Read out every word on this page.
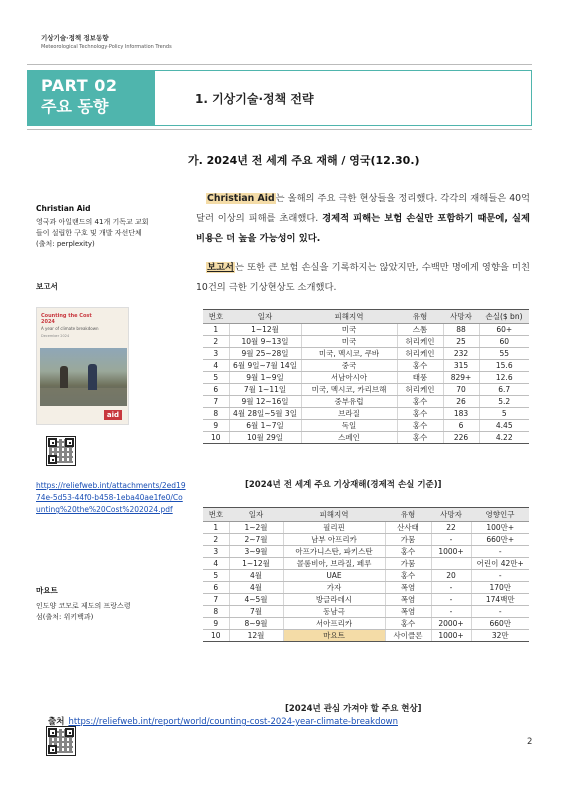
기상기술·정책 정보동향
Meteorological Technology·Policy Information Trends
PART 02
주요 동향	1. 기상기술·정책 전략
가. 2024년 전 세계 주요 재해 / 영국(12.30.)
Christian Aid
영국과 아일랜드의 41개 기독교 교회들이 설립한 구호 및 개발 자선단체(출처: perplexity)
보고서
Counting the Cost
2024
A year of climate breakdown
December 2024
aid
https://reliefweb.int/attachments/2ed1974e-5d53-44f0-b458-1eba40ae1fe0/Counting%20the%20Cost%202024.pdf
마요트
인도양 코모로 제도의 프랑스령 섬(출처: 위키백과)
Christian Aid는 올해의 주요 극한 현상들을 정리했다. 각각의 재해들은 40억 달러 이상의 피해를 초래했다. 경제적 피해는 보험 손실만 포함하기 때문에, 실제 비용은 더 높을 가능성이 있다.
보고서는 또한 큰 보험 손실을 기록하지는 않았지만, 수백만 명에게 영향을 미친 10건의 극한 기상현상도 소개했다.
번호	일자	피해지역	유형	사망자	손실($ bn)
1	1~12월	미국	스톰	88	60+
2	10월 9~13일	미국	허리케인	25	60
3	9월 25~28일	미국, 멕시코, 쿠바	허리케인	232	55
4	6월 9일~7월 14일	중국	홍수	315	15.6
5	9월 1~9일	서남아시아	태풍	829+	12.6
6	7월 1~11일	미국, 멕시코, 카리브해	허리케인	70	6.7
7	9월 12~16일	중부유럽	홍수	26	5.2
8	4월 28일~5월 3일	브라질	홍수	183	5
9	6월 1~7일	독일	홍수	6	4.45
10	10월 29일	스페인	홍수	226	4.22
[2024년 전 세계 주요 기상재해(경제적 손실 기준)]
번호	일자	피해지역	유형	사망자	영향인구
1	1~2월	필리핀	산사태	22	100만+
2	2~7월	남부 아프리카	가뭄	-	660만+
3	3~9월	아프가니스탄, 파키스탄	홍수	1000+	-
4	1~12월	콜롬비아, 브라질, 페루	가뭄		어린이 42만+
5	4월	UAE	홍수	20	-
6	4월	가자	폭염	-	170만
7	4~5월	방글라데시	폭염	-	174백만
8	7월	동남극	폭염	-	-
9	8~9월	서아프리카	홍수	2000+	660만
10	12월	마요트	사이클론	1000+	32만
[2024년 관심 가져야 할 주요 현상]
출처 https://reliefweb.int/report/world/counting-cost-2024-year-climate-breakdown
2
